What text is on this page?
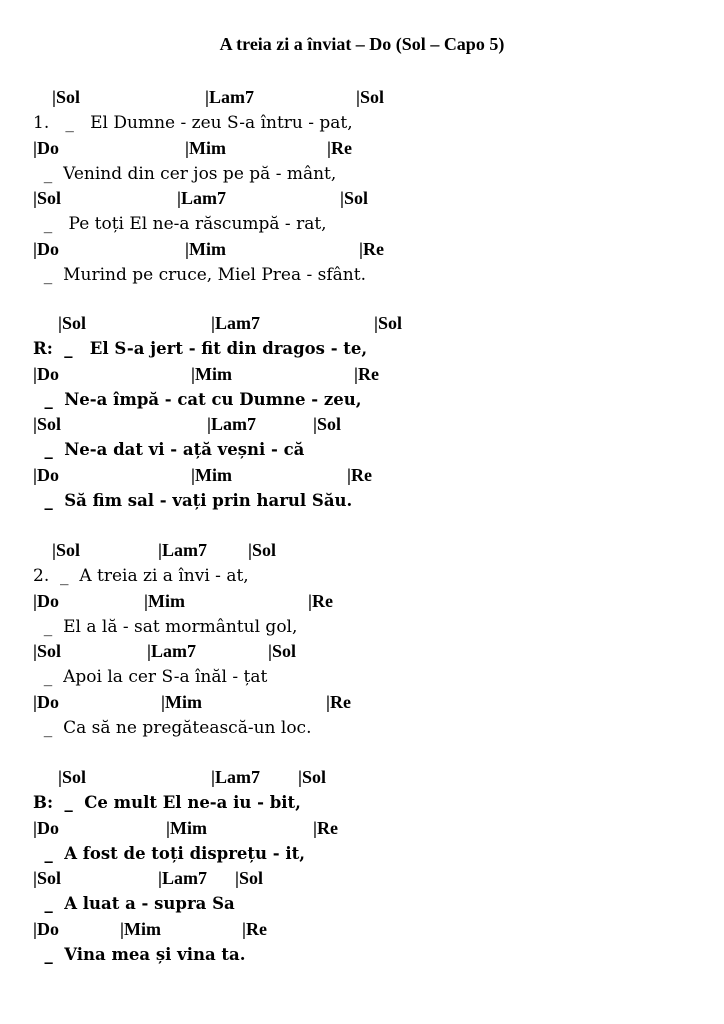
A treia zi a înviat – Do (Sol – Capo 5)
|Sol	|Lam7	|Sol
1.   _   El Dumne - zeu S-a întru - pat,
|Do	|Mim	|Re
_  Venind din cer jos pe pă - mânt,
|Sol	|Lam7	|Sol
_   Pe toți El ne-a răscumpă - rat,
|Do	|Mim	|Re
_  Murind pe cruce, Miel Prea - sfânt.
|Sol	|Lam7	|Sol
R:  _   El S-a jert - fit din dragos - te,
|Do	|Mim	|Re
_  Ne-a împă - cat cu Dumne - zeu,
|Sol	|Lam7	|Sol
_  Ne-a dat vi - ață veșni - că
|Do	|Mim	|Re
_  Să fim sal - vați prin harul Său.
|Sol	|Lam7 |Sol
2.  _  A treia zi a învi - at,
|Do	|Mim	|Re
_  El a lă - sat mormântul gol,
|Sol	|Lam7	|Sol
_  Apoi la cer S-a înăl - țat
|Do	|Mim	|Re
_  Ca să ne pregătească-un loc.
|Sol	|Lam7 |Sol
B:  _  Ce mult El ne-a iu - bit,
|Do	|Mim	|Re
_  A fost de toți disprețu - it,
|Sol	|Lam7 |Sol
_  A luat a - supra Sa
|Do	|Mim	|Re
_  Vina mea și vina ta.
